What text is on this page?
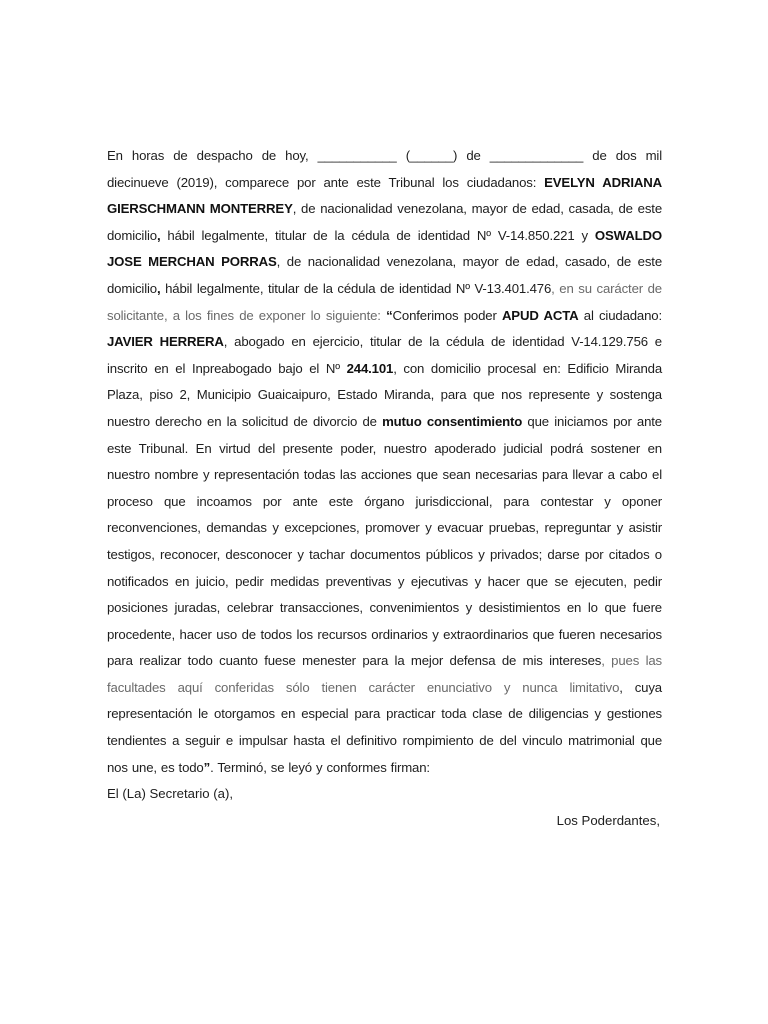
En horas de despacho de hoy, ___________ (______) de _____________ de dos mil diecinueve (2019), comparece por ante este Tribunal los ciudadanos: EVELYN ADRIANA GIERSCHMANN MONTERREY, de nacionalidad venezolana, mayor de edad, casada, de este domicilio, hábil legalmente, titular de la cédula de identidad Nº V-14.850.221 y OSWALDO JOSE MERCHAN PORRAS, de nacionalidad venezolana, mayor de edad, casado, de este domicilio, hábil legalmente, titular de la cédula de identidad Nº V-13.401.476, en su carácter de solicitante, a los fines de exponer lo siguiente: “Conferimos poder APUD ACTA al ciudadano: JAVIER HERRERA, abogado en ejercicio, titular de la cédula de identidad V-14.129.756 e inscrito en el Inpreabogado bajo el Nº 244.101, con domicilio procesal en: Edificio Miranda Plaza, piso 2, Municipio Guaicaipuro, Estado Miranda, para que nos represente y sostenga nuestro derecho en la solicitud de divorcio de mutuo consentimiento que iniciamos por ante este Tribunal. En virtud del presente poder, nuestro apoderado judicial podrá sostener en nuestro nombre y representación todas las acciones que sean necesarias para llevar a cabo el proceso que incoamos por ante este órgano jurisdiccional, para contestar y oponer reconvenciones, demandas y excepciones, promover y evacuar pruebas, repreguntar y asistir testigos, reconocer, desconocer y tachar documentos públicos y privados; darse por citados o notificados en juicio, pedir medidas preventivas y ejecutivas y hacer que se ejecuten, pedir posiciones juradas, celebrar transacciones, convenimientos y desistimientos en lo que fuere procedente, hacer uso de todos los recursos ordinarios y extraordinarios que fueren necesarios para realizar todo cuanto fuese menester para la mejor defensa de mis intereses, pues las facultades aquí conferidas sólo tienen carácter enunciativo y nunca limitativo, cuya representación le otorgamos en especial para practicar toda clase de diligencias y gestiones tendientes a seguir e impulsar hasta el definitivo rompimiento de del vinculo matrimonial que nos une, es todo”. Terminó, se leyó y conformes firman:
El (La) Secretario (a),
Los Poderdantes,
